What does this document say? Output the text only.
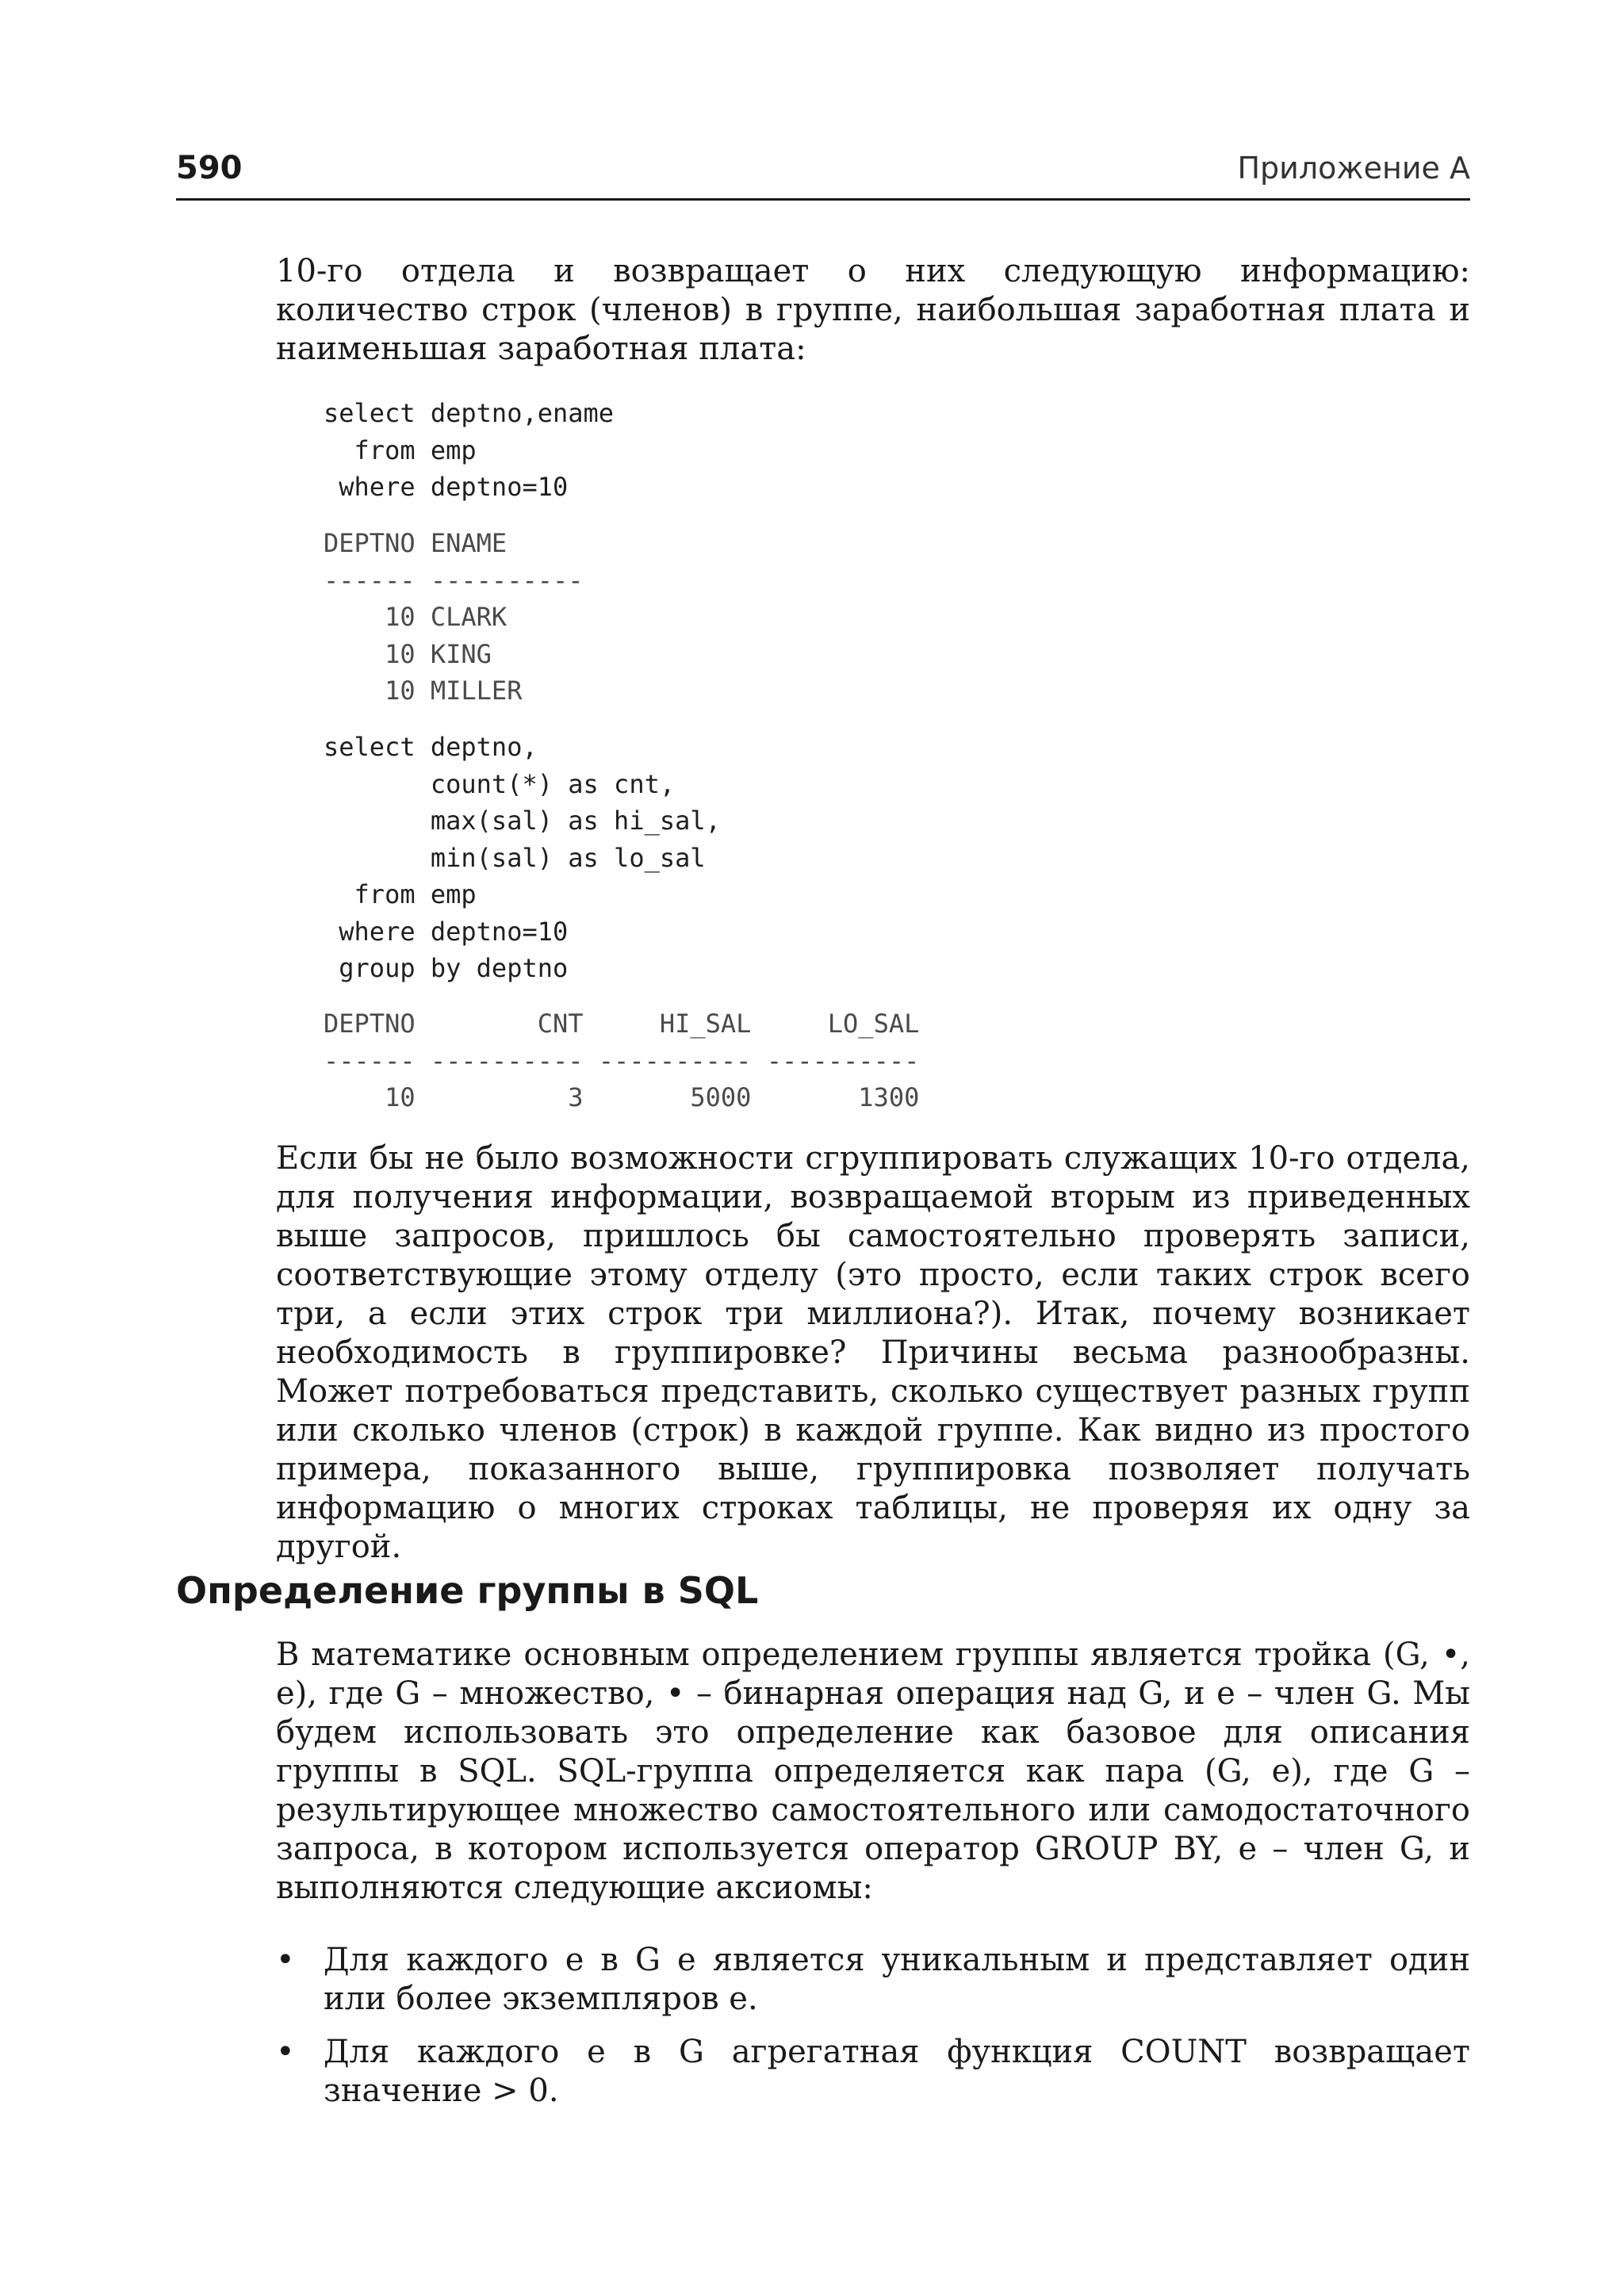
590	Приложение А

10-го отдела и возвращает о них следующую информацию: количество строк (членов) в группе, наибольшая заработная плата и наименьшая заработная плата:

select deptno,ename
from emp
where deptno=10
DEPTNO ENAME
------ ----------
10 CLARK
10 KING
10 MILLER
select deptno,
count(*) as cnt,
max(sal) as hi_sal,
min(sal) as lo_sal
from emp
where deptno=10
group by deptno
DEPTNO        CNT     HI_SAL     LO_SAL
------ ---------- ---------- ----------
10          3       5000       1300

Если бы не было возможности сгруппировать служащих 10-го отдела, для получения информации, возвращаемой вторым из приведенных выше запросов, пришлось бы самостоятельно проверять записи, соответствующие этому отделу (это просто, если таких строк всего три, а если этих строк три миллиона?). Итак, почему возникает необходимость в группировке? Причины весьма разнообразны. Может потребоваться представить, сколько существует разных групп или сколько членов (строк) в каждой группе. Как видно из простого примера, показанного выше, группировка позволяет получать информацию о многих строках таблицы, не проверяя их одну за другой.

Определение группы в SQL

В математике основным определением группы является тройка (G, •, e), где G – множество, • – бинарная операция над G, и e – член G. Мы будем использовать это определение как базовое для описания группы в SQL. SQL-группа определяется как пара (G, e), где G – результирующее множество самостоятельного или самодостаточного запроса, в котором используется оператор GROUP BY, e – член G, и выполняются следующие аксиомы:

• Для каждого e в G e является уникальным и представляет один или более экземпляров e.
• Для каждого e в G агрегатная функция COUNT возвращает значение > 0.
